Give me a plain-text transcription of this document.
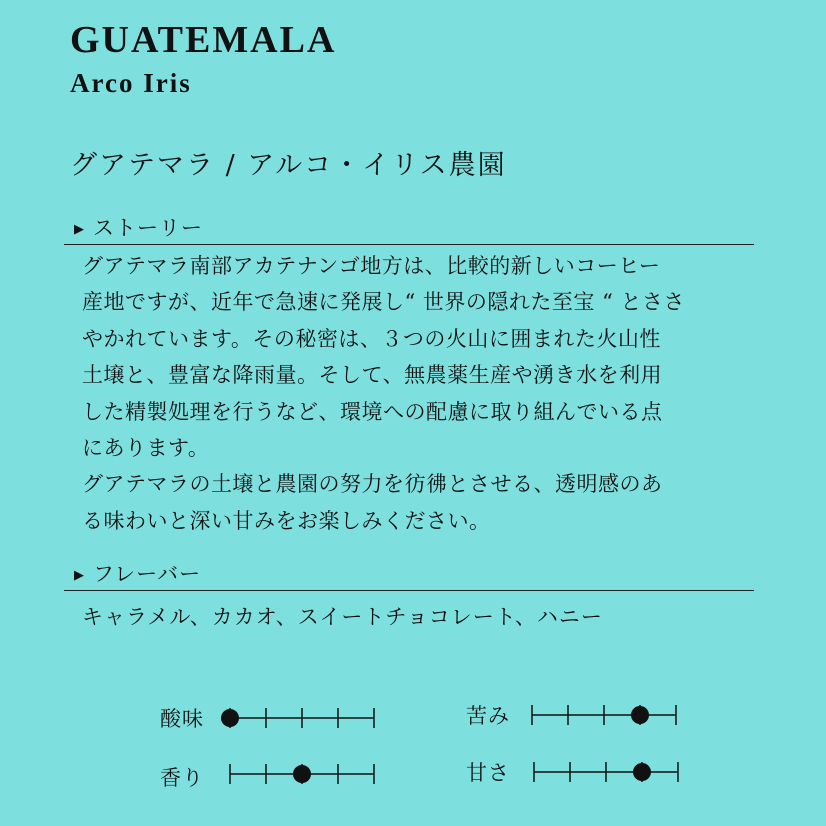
GUATEMALA
Arco Iris
グアテマラ / アルコ・イリス農園
▶ ストーリー
グアテマラ南部アカテナンゴ地方は、比較的新しいコーヒー
産地ですが、近年で急速に発展し“ 世界の隠れた至宝 “ とささ
やかれています。その秘密は、３つの火山に囲まれた火山性
土壌と、豊富な降雨量。そして、無農薬生産や湧き水を利用
した精製処理を行うなど、環境への配慮に取り組んでいる点
にあります。
グアテマラの土壌と農園の努力を彷彿とさせる、透明感のあ
る味わいと深い甘みをお楽しみください。
▶ フレーバー
キャラメル、カカオ、スイートチョコレート、ハニー
酸味
香り
苦み
甘さ
